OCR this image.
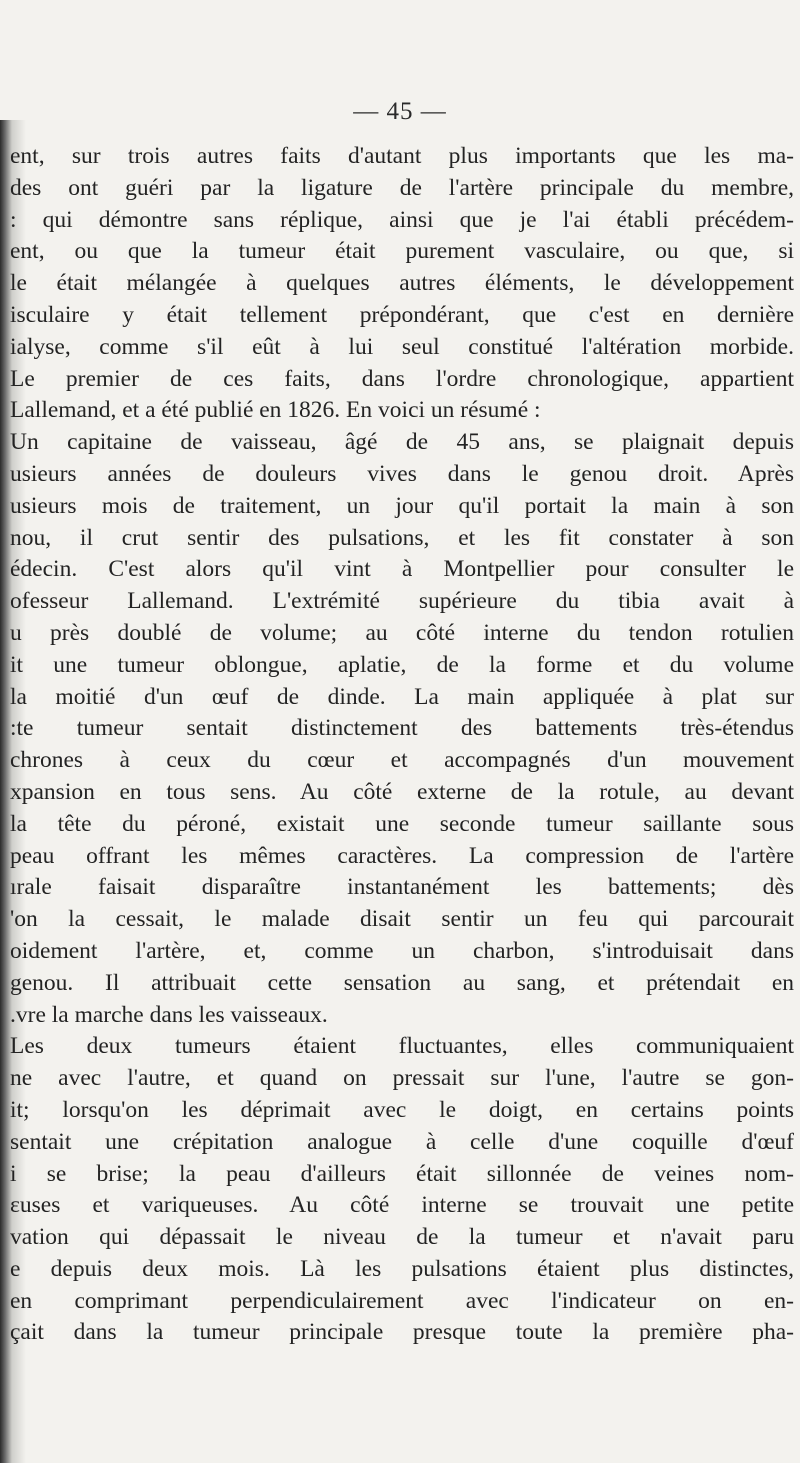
— 45 —
ent, sur trois autres faits d'autant plus importants que les ma-
des ont guéri par la ligature de l'artère principale du membre,
: qui démontre sans réplique, ainsi que je l'ai établi précédem-
ent, ou que la tumeur était purement vasculaire, ou que, si
le était mélangée à quelques autres éléments, le développement
isculaire y était tellement prépondérant, que c'est en dernière
ialyse, comme s'il eût à lui seul constitué l'altération morbide.
Le premier de ces faits, dans l'ordre chronologique, appartient
Lallemand, et a été publié en 1826. En voici un résumé :
Un capitaine de vaisseau, âgé de 45 ans, se plaignait depuis
usieurs années de douleurs vives dans le genou droit. Après
usieurs mois de traitement, un jour qu'il portait la main à son
nou, il crut sentir des pulsations, et les fit constater à son
édecin. C'est alors qu'il vint à Montpellier pour consulter le
ofesseur Lallemand. L'extrémité supérieure du tibia avait à
u près doublé de volume; au côté interne du tendon rotulien
it une tumeur oblongue, aplatie, de la forme et du volume
la moitié d'un œuf de dinde. La main appliquée à plat sur
:te tumeur sentait distinctement des battements très-étendus
chrones à ceux du cœur et accompagnés d'un mouvement
xpansion en tous sens. Au côté externe de la rotule, au devant
la tête du péroné, existait une seconde tumeur saillante sous
peau offrant les mêmes caractères. La compression de l'artère
ırale faisait disparaître instantanément les battements; dès
'on la cessait, le malade disait sentir un feu qui parcourait
oidement l'artère, et, comme un charbon, s'introduisait dans
genou. Il attribuait cette sensation au sang, et prétendait en
.vre la marche dans les vaisseaux.
Les deux tumeurs étaient fluctuantes, elles communiquaient
ne avec l'autre, et quand on pressait sur l'une, l'autre se gon-
it; lorsqu'on les déprimait avec le doigt, en certains points
sentait une crépitation analogue à celle d'une coquille d'œuf
i se brise; la peau d'ailleurs était sillonnée de veines nom-
ɛuses et variqueuses. Au côté interne se trouvait une petite
vation qui dépassait le niveau de la tumeur et n'avait paru
e depuis deux mois. Là les pulsations étaient plus distinctes,
en comprimant perpendiculairement avec l'indicateur on en-
çait dans la tumeur principale presque toute la première pha-
